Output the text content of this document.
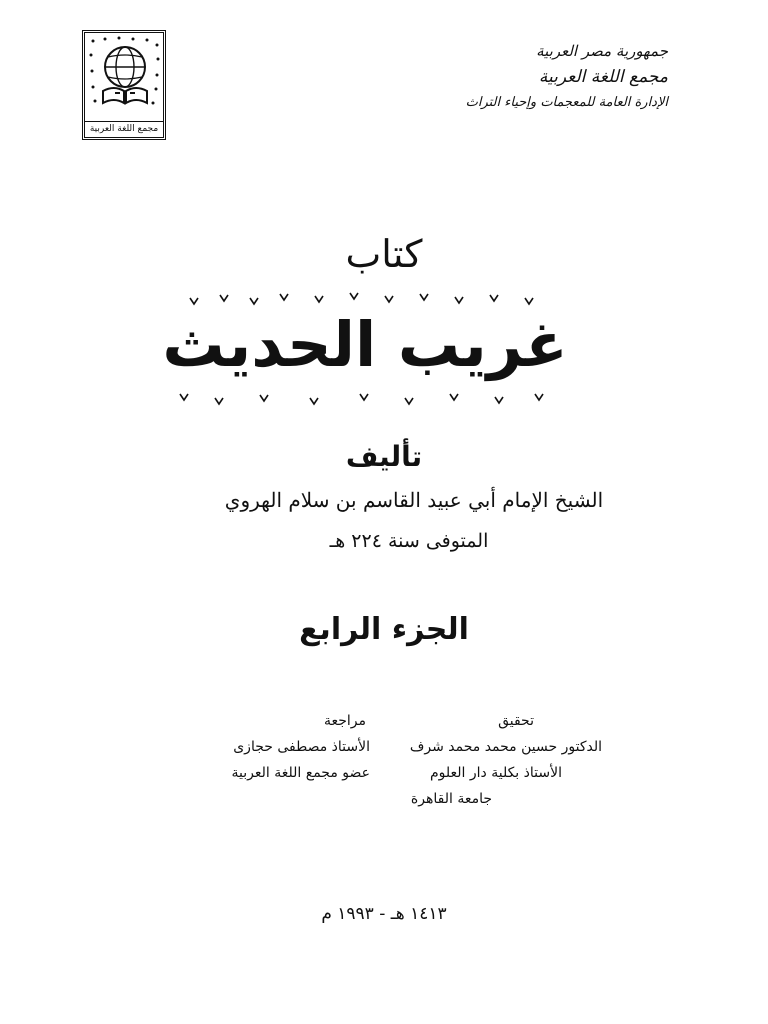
مجمع اللغة العربية
جمهورية مصر العربية
مجمع اللغة العربية
الإدارة العامة للمعجمات وإحياء التراث
كتاب
غريب الحديث
تأليف
الشيخ الإمام أبي عبيد القاسم بن سلام الهروي
المتوفى سنة ٢٢٤ هـ
الجزء الرابع
تحقيق
الدكتور حسين محمد محمد شرف
الأستاذ بكلية دار العلوم
جامعة القاهرة
مراجعة
الأستاذ مصطفى حجازى
عضو مجمع اللغة العربية
١٤١٣ هـ - ١٩٩٣ م
